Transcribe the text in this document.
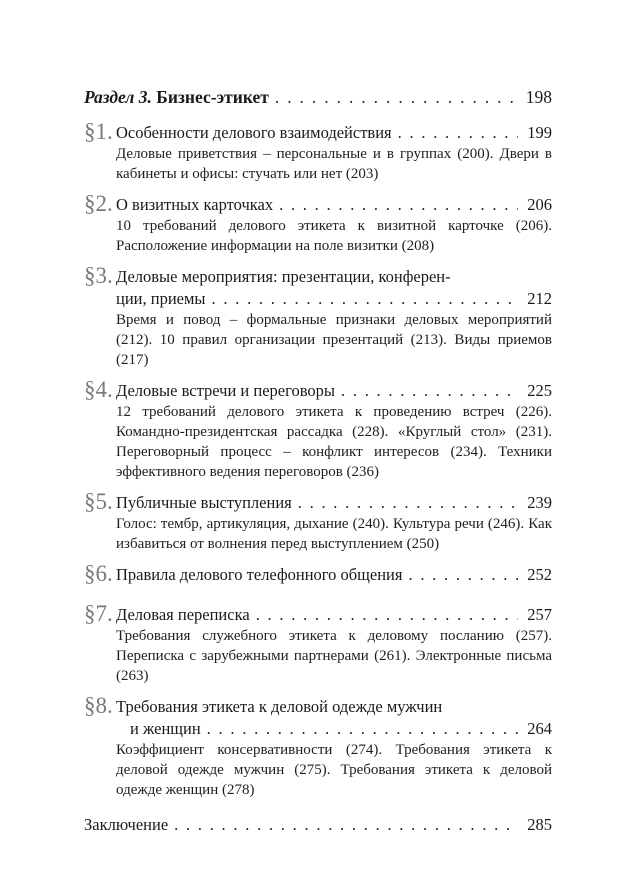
Раздел 3. Бизнес-этикет . . .	198
§1. Особенности делового взаимодействия . . .	199
Деловые приветствия – персональные и в группах (200). Двери в кабинеты и офисы: стучать или нет (203)
§2. О визитных карточках . . .	206
10 требований делового этикета к визитной карточке (206). Расположение информации на поле визитки (208)
§3. Деловые мероприятия: презентации, конферен-
ции, приемы . . .	212
Время и повод – формальные признаки деловых мероприятий (212). 10 правил организации презентаций (213). Виды приемов (217)
§4. Деловые встречи и переговоры . . .	225
12 требований делового этикета к проведению встреч (226). Командно-президентская рассадка (228). «Круглый стол» (231). Переговорный процесс – конфликт интересов (234). Техники эффективного ведения переговоров (236)
§5. Публичные выступления . . .	239
Голос: тембр, артикуляция, дыхание (240). Культура речи (246). Как избавиться от волнения перед выступлением (250)
§6. Правила делового телефонного общения . . .	252
§7. Деловая переписка . . .	257
Требования служебного этикета к деловому посланию (257). Переписка с зарубежными партнерами (261). Электронные письма (263)
§8. Требования этикета к деловой одежде мужчин
и женщин . . .	264
Коэффициент консервативности (274). Требования этикета к деловой одежде мужчин (275). Требования этикета к деловой одежде женщин (278)
Заключение . . .	285
